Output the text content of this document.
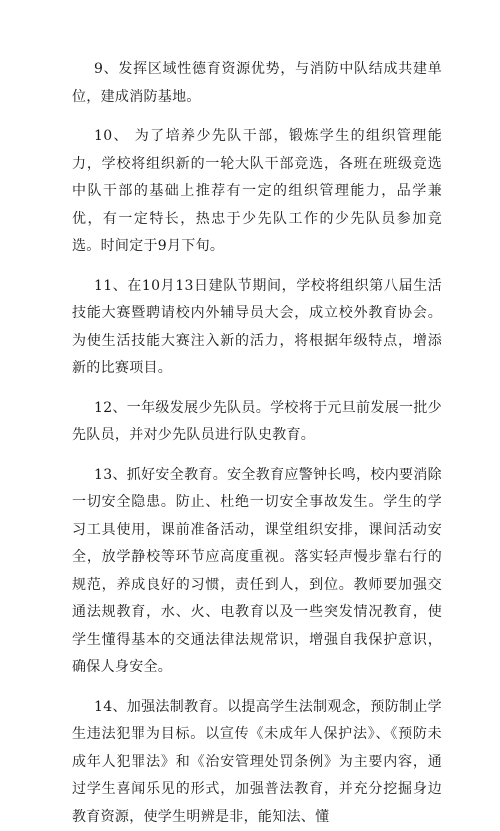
9、发挥区域性德育资源优势，与消防中队结成共建单位，建成消防基地。

10、 为了培养少先队干部，锻炼学生的组织管理能力，学校将组织新的一轮大队干部竞选，各班在班级竞选中队干部的基础上推荐有一定的组织管理能力，品学兼优，有一定特长，热忠于少先队工作的少先队员参加竞选。时间定于9月下旬。

11、在10月13日建队节期间，学校将组织第八届生活技能大赛暨聘请校内外辅导员大会，成立校外教育协会。为使生活技能大赛注入新的活力，将根据年级特点，增添新的比赛项目。

12、一年级发展少先队员。学校将于元旦前发展一批少先队员，并对少先队员进行队史教育。

13、抓好安全教育。安全教育应警钟长鸣，校内要消除一切安全隐患。防止、杜绝一切安全事故发生。学生的学习工具使用，课前准备活动，课堂组织安排，课间活动安全，放学静校等环节应高度重视。落实轻声慢步靠右行的规范，养成良好的习惯，责任到人，到位。教师要加强交通法规教育，水、火、电教育以及一些突发情况教育，使学生懂得基本的交通法律法规常识，增强自我保护意识，确保人身安全。

14、加强法制教育。以提高学生法制观念，预防制止学生违法犯罪为目标。以宣传《未成年人保护法》、《预防未成年人犯罪法》和《治安管理处罚条例》为主要内容，通过学生喜闻乐见的形式，加强普法教育，并充分挖掘身边教育资源，使学生明辨是非，能知法、懂
